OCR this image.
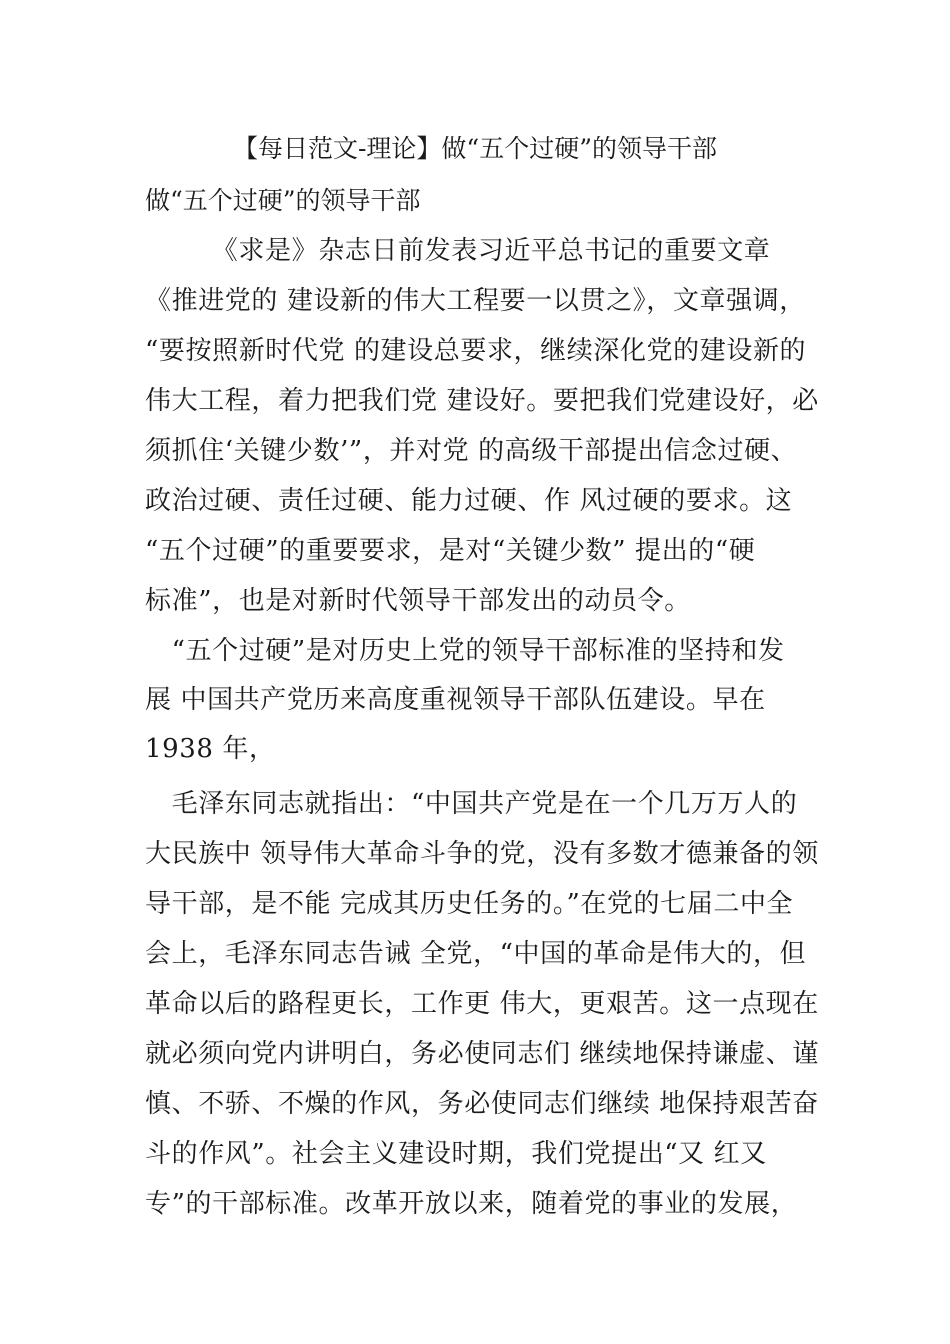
【每日范文-理论】做“五个过硬”的领导干部
做“五个过硬”的领导干部
　　　《求是》杂志日前发表习近平总书记的重要文章
《推进党的 建设新的伟大工程要一以贯之》，文章强调，
“要按照新时代党 的建设总要求，继续深化党的建设新的
伟大工程，着力把我们党 建设好。要把我们党建设好，必
须抓住‘关键少数’”，并对党 的高级干部提出信念过硬、
政治过硬、责任过硬、能力过硬、作 风过硬的要求。这
“五个过硬”的重要要求，是对“关键少数” 提出的“硬
标准”，也是对新时代领导干部发出的动员令。
　“五个过硬”是对历史上党的领导干部标准的坚持和发
展 中国共产党历来高度重视领导干部队伍建设。早在
1938 年，
　毛泽东同志就指出：“中国共产党是在一个几万万人的
大民族中 领导伟大革命斗争的党，没有多数才德兼备的领
导干部，是不能 完成其历史任务的。”在党的七届二中全
会上，毛泽东同志告诫 全党，“中国的革命是伟大的，但
革命以后的路程更长，工作更 伟大，更艰苦。这一点现在
就必须向党内讲明白，务必使同志们 继续地保持谦虚、谨
慎、不骄、不燥的作风，务必使同志们继续 地保持艰苦奋
斗的作风”。社会主义建设时期，我们党提出“又 红又
专”的干部标准。改革开放以来，随着党的事业的发展，
